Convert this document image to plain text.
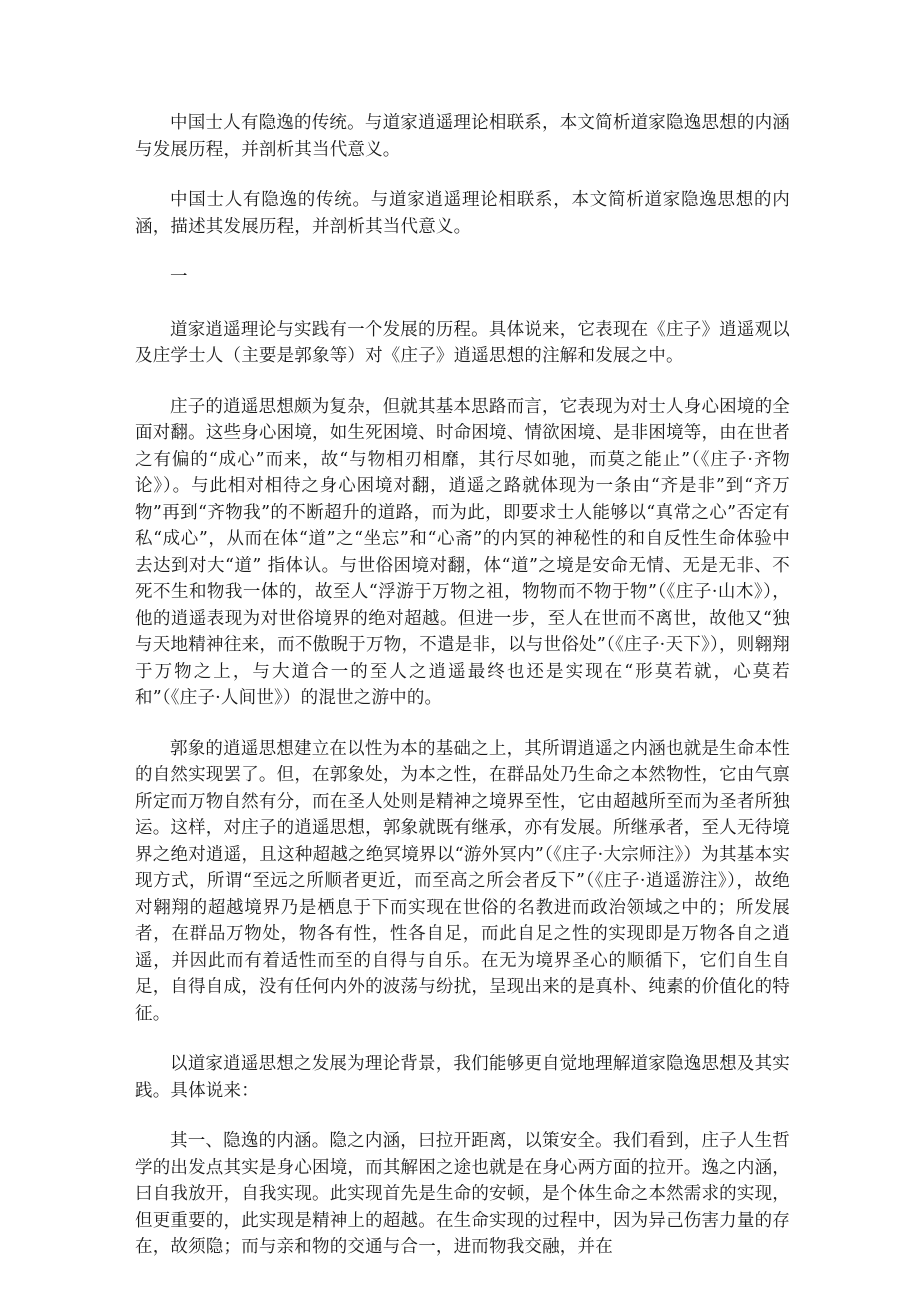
中国士人有隐逸的传统。与道家逍遥理论相联系，本文简析道家隐逸思想的内涵与发展历程，并剖析其当代意义。

中国士人有隐逸的传统。与道家逍遥理论相联系，本文简析道家隐逸思想的内涵，描述其发展历程，并剖析其当代意义。

一

道家逍遥理论与实践有一个发展的历程。具体说来，它表现在《庄子》逍遥观以及庄学士人（主要是郭象等）对《庄子》逍遥思想的注解和发展之中。

庄子的逍遥思想颇为复杂，但就其基本思路而言，它表现为对士人身心困境的全面对翻。这些身心困境，如生死困境、时命困境、情欲困境、是非困境等，由在世者之有偏的“成心”而来，故“与物相刃相靡，其行尽如驰，而莫之能止”（《庄子·齐物论》）。与此相对相待之身心困境对翻，逍遥之路就体现为一条由“齐是非”到“齐万物”再到“齐物我”的不断超升的道路，而为此，即要求士人能够以“真常之心”否定有私“成心”，从而在体“道”之“坐忘”和“心斋”的内冥的神秘性的和自反性生命体验中去达到对大“道” 指体认。与世俗困境对翻，体“道”之境是安命无情、无是无非、不死不生和物我一体的，故至人“浮游于万物之祖，物物而不物于物”（《庄子·山木》），他的逍遥表现为对世俗境界的绝对超越。但进一步，至人在世而不离世，故他又“独与天地精神往来，而不傲睨于万物，不遣是非，以与世俗处”（《庄子·天下》），则翱翔于万物之上，与大道合一的至人之逍遥最终也还是实现在“形莫若就，心莫若和”（《庄子·人间世》）的混世之游中的。

郭象的逍遥思想建立在以性为本的基础之上，其所谓逍遥之内涵也就是生命本性的自然实现罢了。但，在郭象处，为本之性，在群品处乃生命之本然物性，它由气禀所定而万物自然有分，而在圣人处则是精神之境界至性，它由超越所至而为圣者所独运。这样，对庄子的逍遥思想，郭象就既有继承，亦有发展。所继承者，至人无待境界之绝对逍遥，且这种超越之绝冥境界以“游外冥内”（《庄子·大宗师注》）为其基本实现方式，所谓“至远之所顺者更近，而至高之所会者反下”（《庄子·逍遥游注》），故绝对翱翔的超越境界乃是栖息于下而实现在世俗的名教进而政治领域之中的；所发展者，在群品万物处，物各有性，性各自足，而此自足之性的实现即是万物各自之逍遥，并因此而有着适性而至的自得与自乐。在无为境界圣心的顺循下，它们自生自足，自得自成，没有任何内外的波荡与纷扰，呈现出来的是真朴、纯素的价值化的特征。

以道家逍遥思想之发展为理论背景，我们能够更自觉地理解道家隐逸思想及其实践。具体说来：

其一、隐逸的内涵。隐之内涵，曰拉开距离，以策安全。我们看到，庄子人生哲学的出发点其实是身心困境，而其解困之途也就是在身心两方面的拉开。逸之内涵，曰自我放开，自我实现。此实现首先是生命的安顿，是个体生命之本然需求的实现，但更重要的，此实现是精神上的超越。在生命实现的过程中，因为异己伤害力量的存在，故须隐；而与亲和物的交通与合一，进而物我交融，并在
